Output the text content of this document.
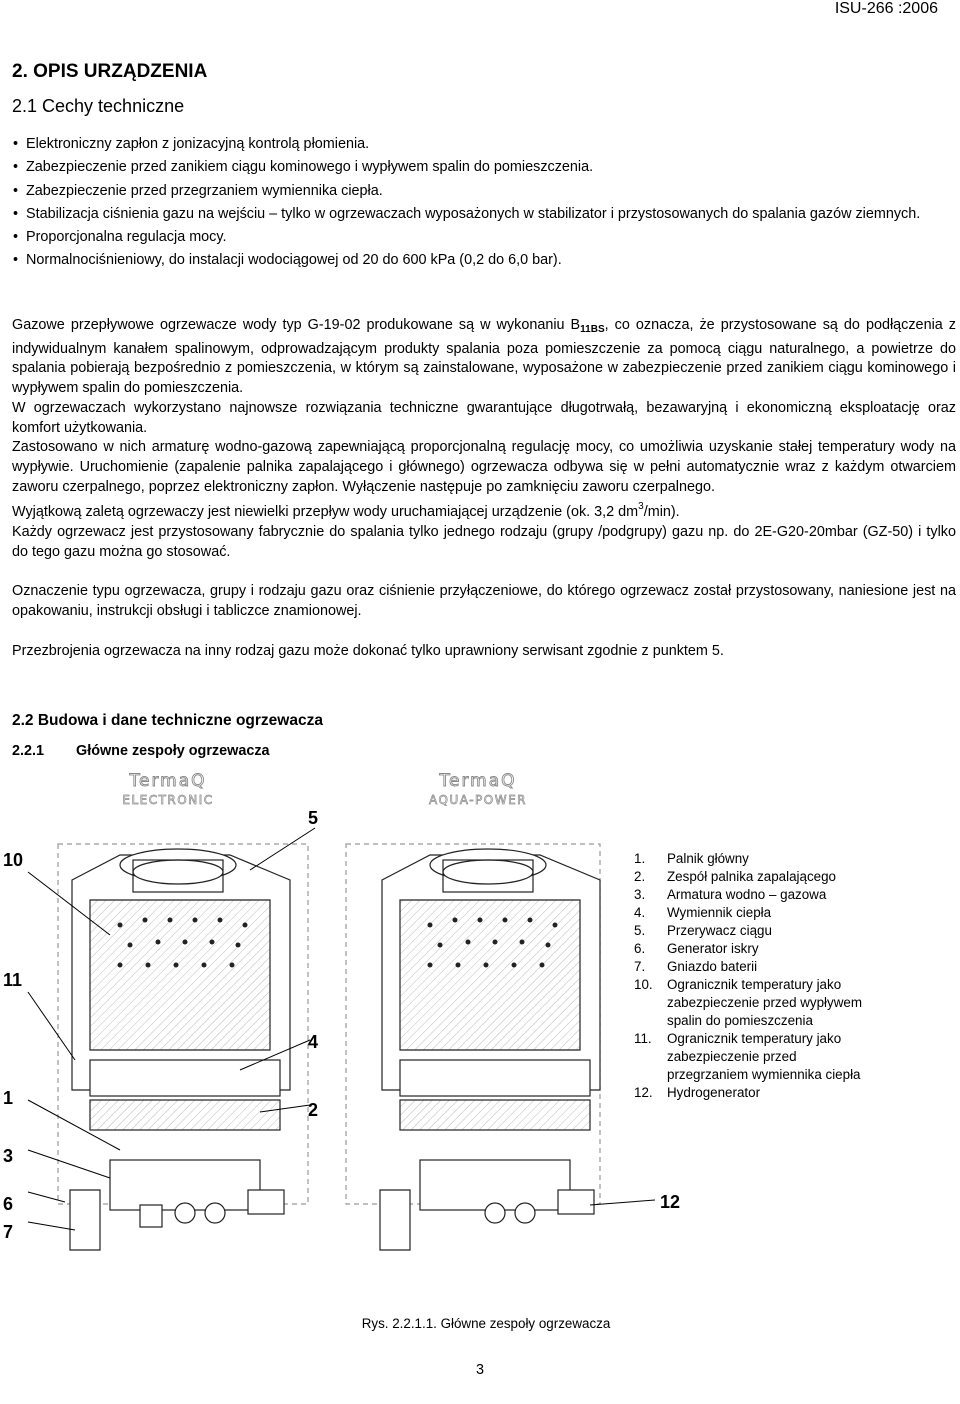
ISU-266 :2006
2. OPIS URZĄDZENIA
2.1 Cechy techniczne
• Elektroniczny zapłon z jonizacyjną kontrolą płomienia.
• Zabezpieczenie przed zanikiem ciągu kominowego i wypływem spalin do pomieszczenia.
• Zabezpieczenie przed przegrzaniem wymiennika ciepła.
• Stabilizacja ciśnienia gazu na wejściu – tylko w ogrzewaczach wyposażonych w stabilizator i przystosowanych do spalania gazów ziemnych.
• Proporcjonalna regulacja mocy.
• Normalnociśnieniowy, do instalacji wodociągowej od 20 do 600 kPa (0,2 do 6,0 bar).

Gazowe przepływowe ogrzewacze wody typ G-19-02 produkowane są w wykonaniu $B_{11BS}$, co oznacza, że przystosowane są do podłączenia z indywidualnym kanałem spalinowym, odprowadzającym produkty spalania poza pomieszczenie za pomocą ciągu naturalnego, a powietrze do spalania pobierają bezpośrednio z pomieszczenia, w którym są zainstalowane, wyposażone w zabezpieczenie przed zanikiem ciągu kominowego i wypływem spalin do pomieszczenia.

W ogrzewaczach wykorzystano najnowsze rozwiązania techniczne gwarantujące długotrwałą, bezawaryjną i ekonomiczną eksploatację oraz komfort użytkowania.

Zastosowano w nich armaturę wodno-gazową zapewniającą proporcjonalną regulację mocy, co umożliwia uzyskanie stałej temperatury wody na wypływie. Uruchomienie (zapalenie palnika zapalającego i głównego) ogrzewacza odbywa się w pełni automatycznie wraz z każdym otwarciem zaworu czerpalnego, poprzez elektroniczny zapłon. Wyłączenie następuje po zamknięciu zaworu czerpalnego.

Wyjątkową zaletą ogrzewaczy jest niewielki przepływ wody uruchamiającej urządzenie (ok. 3,2 $dm^3/\min$).

Każdy ogrzewacz jest przystosowany fabrycznie do spalania tylko jednego rodzaju (grupy /podgrupy) gazu np. do 2E-G20-20mbar (GZ-50) i tylko do tego gazu można go stosować.

Oznaczenie typu ogrzewacza, grupy i rodzaju gazu oraz ciśnienie przyłączeniowe, do którego ogrzewacz został przystosowany, naniesione jest na opakowaniu, instrukcji obsługi i tabliczce znamionowej.

Przezbrojenia ogrzewacza na inny rodzaj gazu może dokonać tylko uprawniony serwisant zgodnie z punktem 5.

2.2 Budowa i dane techniczne ogrzewacza
2.2.1 Główne zespoły ogrzewacza
TermaQ
ELECTRONIC
TermaQ
AQUA-POWER
10
11
1
3
6
7
5
4
2
12
1.	Palnik główny
2.	Zespół palnika zapalającego
3.	Armatura wodno – gazowa
4.	Wymiennik ciepła
5.	Przerywacz ciągu
6.	Generator iskry
7.	Gniazdo baterii
10.	Ogranicznik temperatury jako zabezpieczenie przed wypływem spalin do pomieszczenia
11.	Ogranicznik temperatury jako zabezpieczenie przed przegrzaniem wymiennika ciepła
12.	Hydrogenerator
Rys. 2.2.1.1. Główne zespoły ogrzewacza
3
